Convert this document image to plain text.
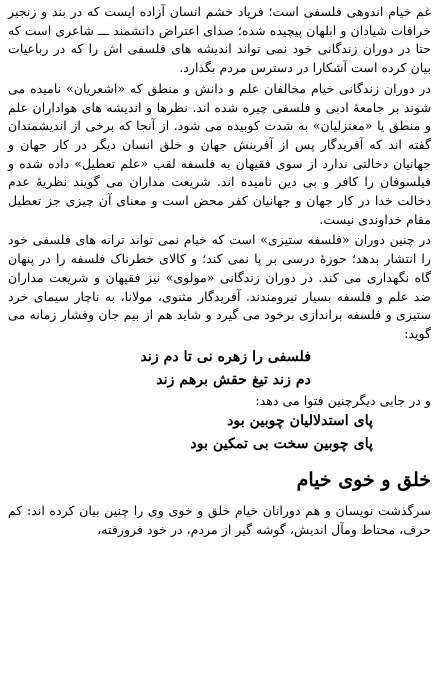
غم خیام اندوهی فلسفی است؛ فریاد خشم انسان آزاده ایست که در بند و زنجیر خرافات شیادان و ابلهان پیچیده شده؛ صدای اعتراض دانشمند ـــ شاعری است که حتا در دوران زندگانی خود نمی تواند اندیشه های فلسفی اش را که در رباعیات بیان کرده است آشکارا در دسترس مردم بگذارد.

در دوران زندگانی خیام مخالفان علم و دانش و منطق که «اشعریان» نامیده می شوند بر جامعهٔ ادبی و فلسفی چیره شده اند. نظرها و اندیشه های هواداران علم و منطق یا «معتزلیان» به شدت کوبیده می شود. از آنجا که برخی از اندیشمندان گفته اند که آفریدگار پس از آفرینش جهان و خلق انسان دیگر در کار جهان و جهانیان دخالتی ندارد از سوی فقیهان به فلسفه لقب «علم تعطیل» داده شده و فیلسوفان را کافر و بی دین نامیده اند. شریعت مداران می گویند نظریهٔ عدم دخالت خدا در کار جهان و جهانیان کفر محض است و معنای آن چیزی جز تعطیل مقام خداوندی نیست.

در چنین دوران «فلسفه ستیزی» است که خیام نمی تواند ترانه های فلسفی خود را انتشار بدهد؛ حوزهٔ درسی بر پا نمی کند؛ و کالای خطرناک فلسفه را در پنهان گاه نگهداری می کند. در دوران زندگانی «مولوی» نیز فقیهان و شریعت مداران ضد علم و فلسفه بسیار نیرومندند. آفریدگار مثنوی، مولانا، به ناچار سیمای خرد ستیزی و فلسفه براندازی برخود می گیرد و شاید هم از بیم جان وفشار زمانه می گوید:

فلسفی را زهره نی تا دم زند

دم زند تیغ حقش برهم زند

و در جایی دیگرچنین فتوا می دهد:

پای استدلالیان چوبین بود

پای چوبین سخت بی تمکین بود

خلق و خوی خیام

سرگذشت نویسان و هم دورانان خیام خلق و خوی وی را چنین بیان کرده اند: کم حرف، محتاط ومآل اندیش، گوشه گیر از مردم، در خود فرورفته،
